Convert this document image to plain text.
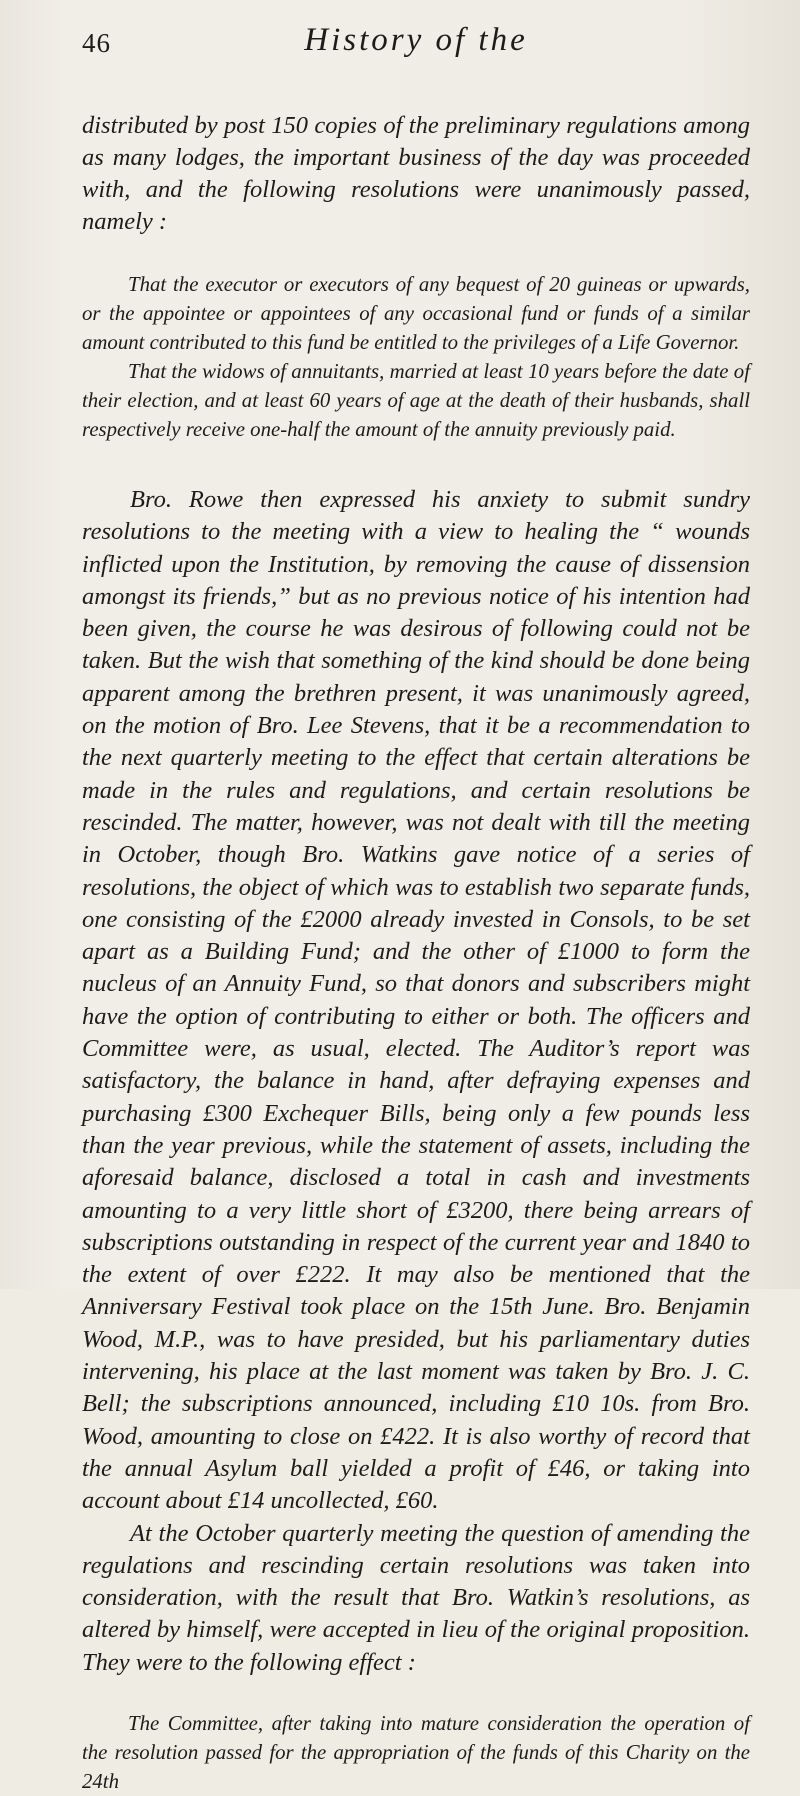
46	History of the

distributed by post 150 copies of the preliminary regulations among as many lodges, the important business of the day was proceeded with, and the following resolutions were unanimously passed, namely :

That the executor or executors of any bequest of 20 guineas or upwards, or the appointee or appointees of any occasional fund or funds of a similar amount contributed to this fund be entitled to the privileges of a Life Governor.

That the widows of annuitants, married at least 10 years before the date of their election, and at least 60 years of age at the death of their husbands, shall respectively receive one-half the amount of the annuity previously paid.

Bro. Rowe then expressed his anxiety to submit sundry resolutions to the meeting with a view to healing the “ wounds inflicted upon the Institution, by removing the cause of dissension amongst its friends,” but as no previous notice of his intention had been given, the course he was desirous of following could not be taken. But the wish that something of the kind should be done being apparent among the brethren present, it was unanimously agreed, on the motion of Bro. Lee Stevens, that it be a recommendation to the next quarterly meeting to the effect that certain alterations be made in the rules and regulations, and certain resolutions be rescinded. The matter, however, was not dealt with till the meeting in October, though Bro. Watkins gave notice of a series of resolutions, the object of which was to establish two separate funds, one consisting of the £2000 already invested in Consols, to be set apart as a Building Fund; and the other of £1000 to form the nucleus of an Annuity Fund, so that donors and subscribers might have the option of contributing to either or both. The officers and Committee were, as usual, elected. The Auditor’s report was satisfactory, the balance in hand, after defraying expenses and purchasing £300 Exchequer Bills, being only a few pounds less than the year previous, while the statement of assets, including the aforesaid balance, disclosed a total in cash and investments amounting to a very little short of £3200, there being arrears of subscriptions outstanding in respect of the current year and 1840 to the extent of over £222. It may also be mentioned that the Anniversary Festival took place on the 15th June. Bro. Benjamin Wood, M.P., was to have presided, but his parliamentary duties intervening, his place at the last moment was taken by Bro. J. C. Bell; the subscriptions announced, including £10 10s. from Bro. Wood, amounting to close on £422. It is also worthy of record that the annual Asylum ball yielded a profit of £46, or taking into account about £14 uncollected, £60.

At the October quarterly meeting the question of amending the regulations and rescinding certain resolutions was taken into consideration, with the result that Bro. Watkin’s resolutions, as altered by himself, were accepted in lieu of the original proposition. They were to the following effect :

The Committee, after taking into mature consideration the operation of the resolution passed for the appropriation of the funds of this Charity on the 24th
